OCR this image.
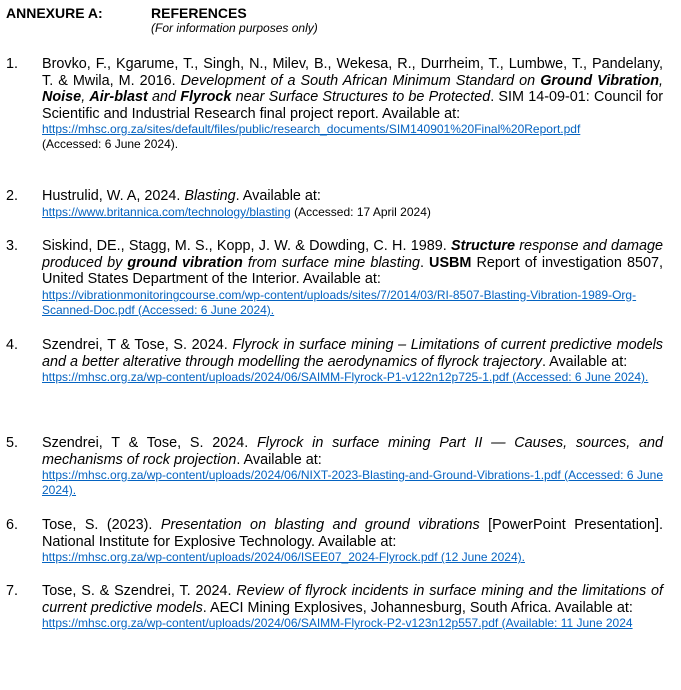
ANNEXURE A:	REFERENCES
(For information purposes only)
1. Brovko, F., Kgarume, T., Singh, N., Milev, B., Wekesa, R., Durrheim, T., Lumbwe, T., Pandelany, T. & Mwila, M. 2016. Development of a South African Minimum Standard on Ground Vibration, Noise, Air-blast and Flyrock near Surface Structures to be Protected. SIM 14-09-01: Council for Scientific and Industrial Research final project report. Available at:
https://mhsc.org.za/sites/default/files/public/research_documents/SIM140901%20Final%20Report.pdf
(Accessed: 6 June 2024).
2. Hustrulid, W. A, 2024. Blasting. Available at:
https://www.britannica.com/technology/blasting (Accessed: 17 April 2024)
3. Siskind, DE., Stagg, M. S., Kopp, J. W. & Dowding, C. H. 1989. Structure response and damage produced by ground vibration from surface mine blasting. USBM Report of investigation 8507, United States Department of the Interior. Available at:
https://vibrationmonitoringcourse.com/wp-content/uploads/sites/7/2014/03/RI-8507-Blasting-Vibration-1989-Org-Scanned-Doc.pdf (Accessed: 6 June 2024).
4. Szendrei, T & Tose, S. 2024. Flyrock in surface mining – Limitations of current predictive models and a better alterative through modelling the aerodynamics of flyrock trajectory. Available at:
https://mhsc.org.za/wp-content/uploads/2024/06/SAIMM-Flyrock-P1-v122n12p725-1.pdf (Accessed: 6 June 2024).
5. Szendrei, T & Tose, S. 2024. Flyrock in surface mining Part II — Causes, sources, and mechanisms of rock projection. Available at:
https://mhsc.org.za/wp-content/uploads/2024/06/NIXT-2023-Blasting-and-Ground-Vibrations-1.pdf (Accessed: 6 June 2024).
6. Tose, S. (2023). Presentation on blasting and ground vibrations [PowerPoint Presentation]. National Institute for Explosive Technology. Available at:
https://mhsc.org.za/wp-content/uploads/2024/06/ISEE07_2024-Flyrock.pdf (12 June 2024).
7. Tose, S. & Szendrei, T. 2024. Review of flyrock incidents in surface mining and the limitations of current predictive models. AECI Mining Explosives, Johannesburg, South Africa. Available at:
https://mhsc.org.za/wp-content/uploads/2024/06/SAIMM-Flyrock-P2-v123n12p557.pdf (Available: 11 June 2024
